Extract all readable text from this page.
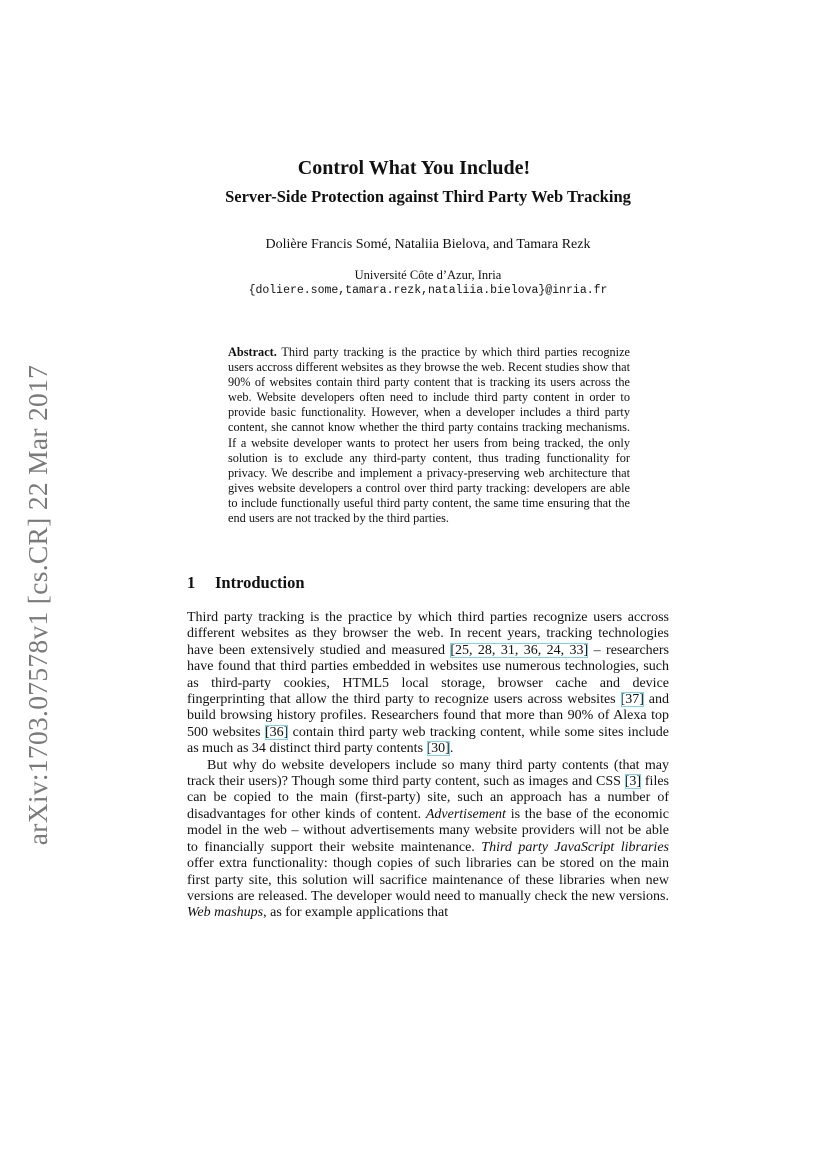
arXiv:1703.07578v1 [cs.CR] 22 Mar 2017
Control What You Include!
Server-Side Protection against Third Party Web Tracking
Dolière Francis Somé, Nataliia Bielova, and Tamara Rezk
Université Côte d’Azur, Inria
{doliere.some,tamara.rezk,nataliia.bielova}@inria.fr
Abstract. Third party tracking is the practice by which third parties recognize users accross different websites as they browse the web. Recent studies show that 90% of websites contain third party content that is tracking its users across the web. Website developers often need to include third party content in order to provide basic functionality. However, when a developer includes a third party content, she cannot know whether the third party contains tracking mechanisms. If a website developer wants to protect her users from being tracked, the only solution is to exclude any third-party content, thus trading functionality for privacy. We describe and implement a privacy-preserving web architecture that gives website developers a control over third party tracking: developers are able to include functionally useful third party content, the same time ensuring that the end users are not tracked by the third parties.
1 Introduction

Third party tracking is the practice by which third parties recognize users accross different websites as they browser the web. In recent years, tracking technologies have been extensively studied and measured [25, 28, 31, 36, 24, 33] – researchers have found that third parties embedded in websites use numerous technologies, such as third-party cookies, HTML5 local storage, browser cache and device fingerprinting that allow the third party to recognize users across websites [37] and build browsing history profiles. Researchers found that more than 90% of Alexa top 500 websites [36] contain third party web tracking content, while some sites include as much as 34 distinct third party contents [30].

But why do website developers include so many third party contents (that may track their users)? Though some third party content, such as images and CSS [3] files can be copied to the main (first-party) site, such an approach has a number of disadvantages for other kinds of content. Advertisement is the base of the economic model in the web – without advertisements many website providers will not be able to financially support their website maintenance. Third party JavaScript libraries offer extra functionality: though copies of such libraries can be stored on the main first party site, this solution will sacrifice maintenance of these libraries when new versions are released. The developer would need to manually check the new versions. Web mashups, as for example applications that
